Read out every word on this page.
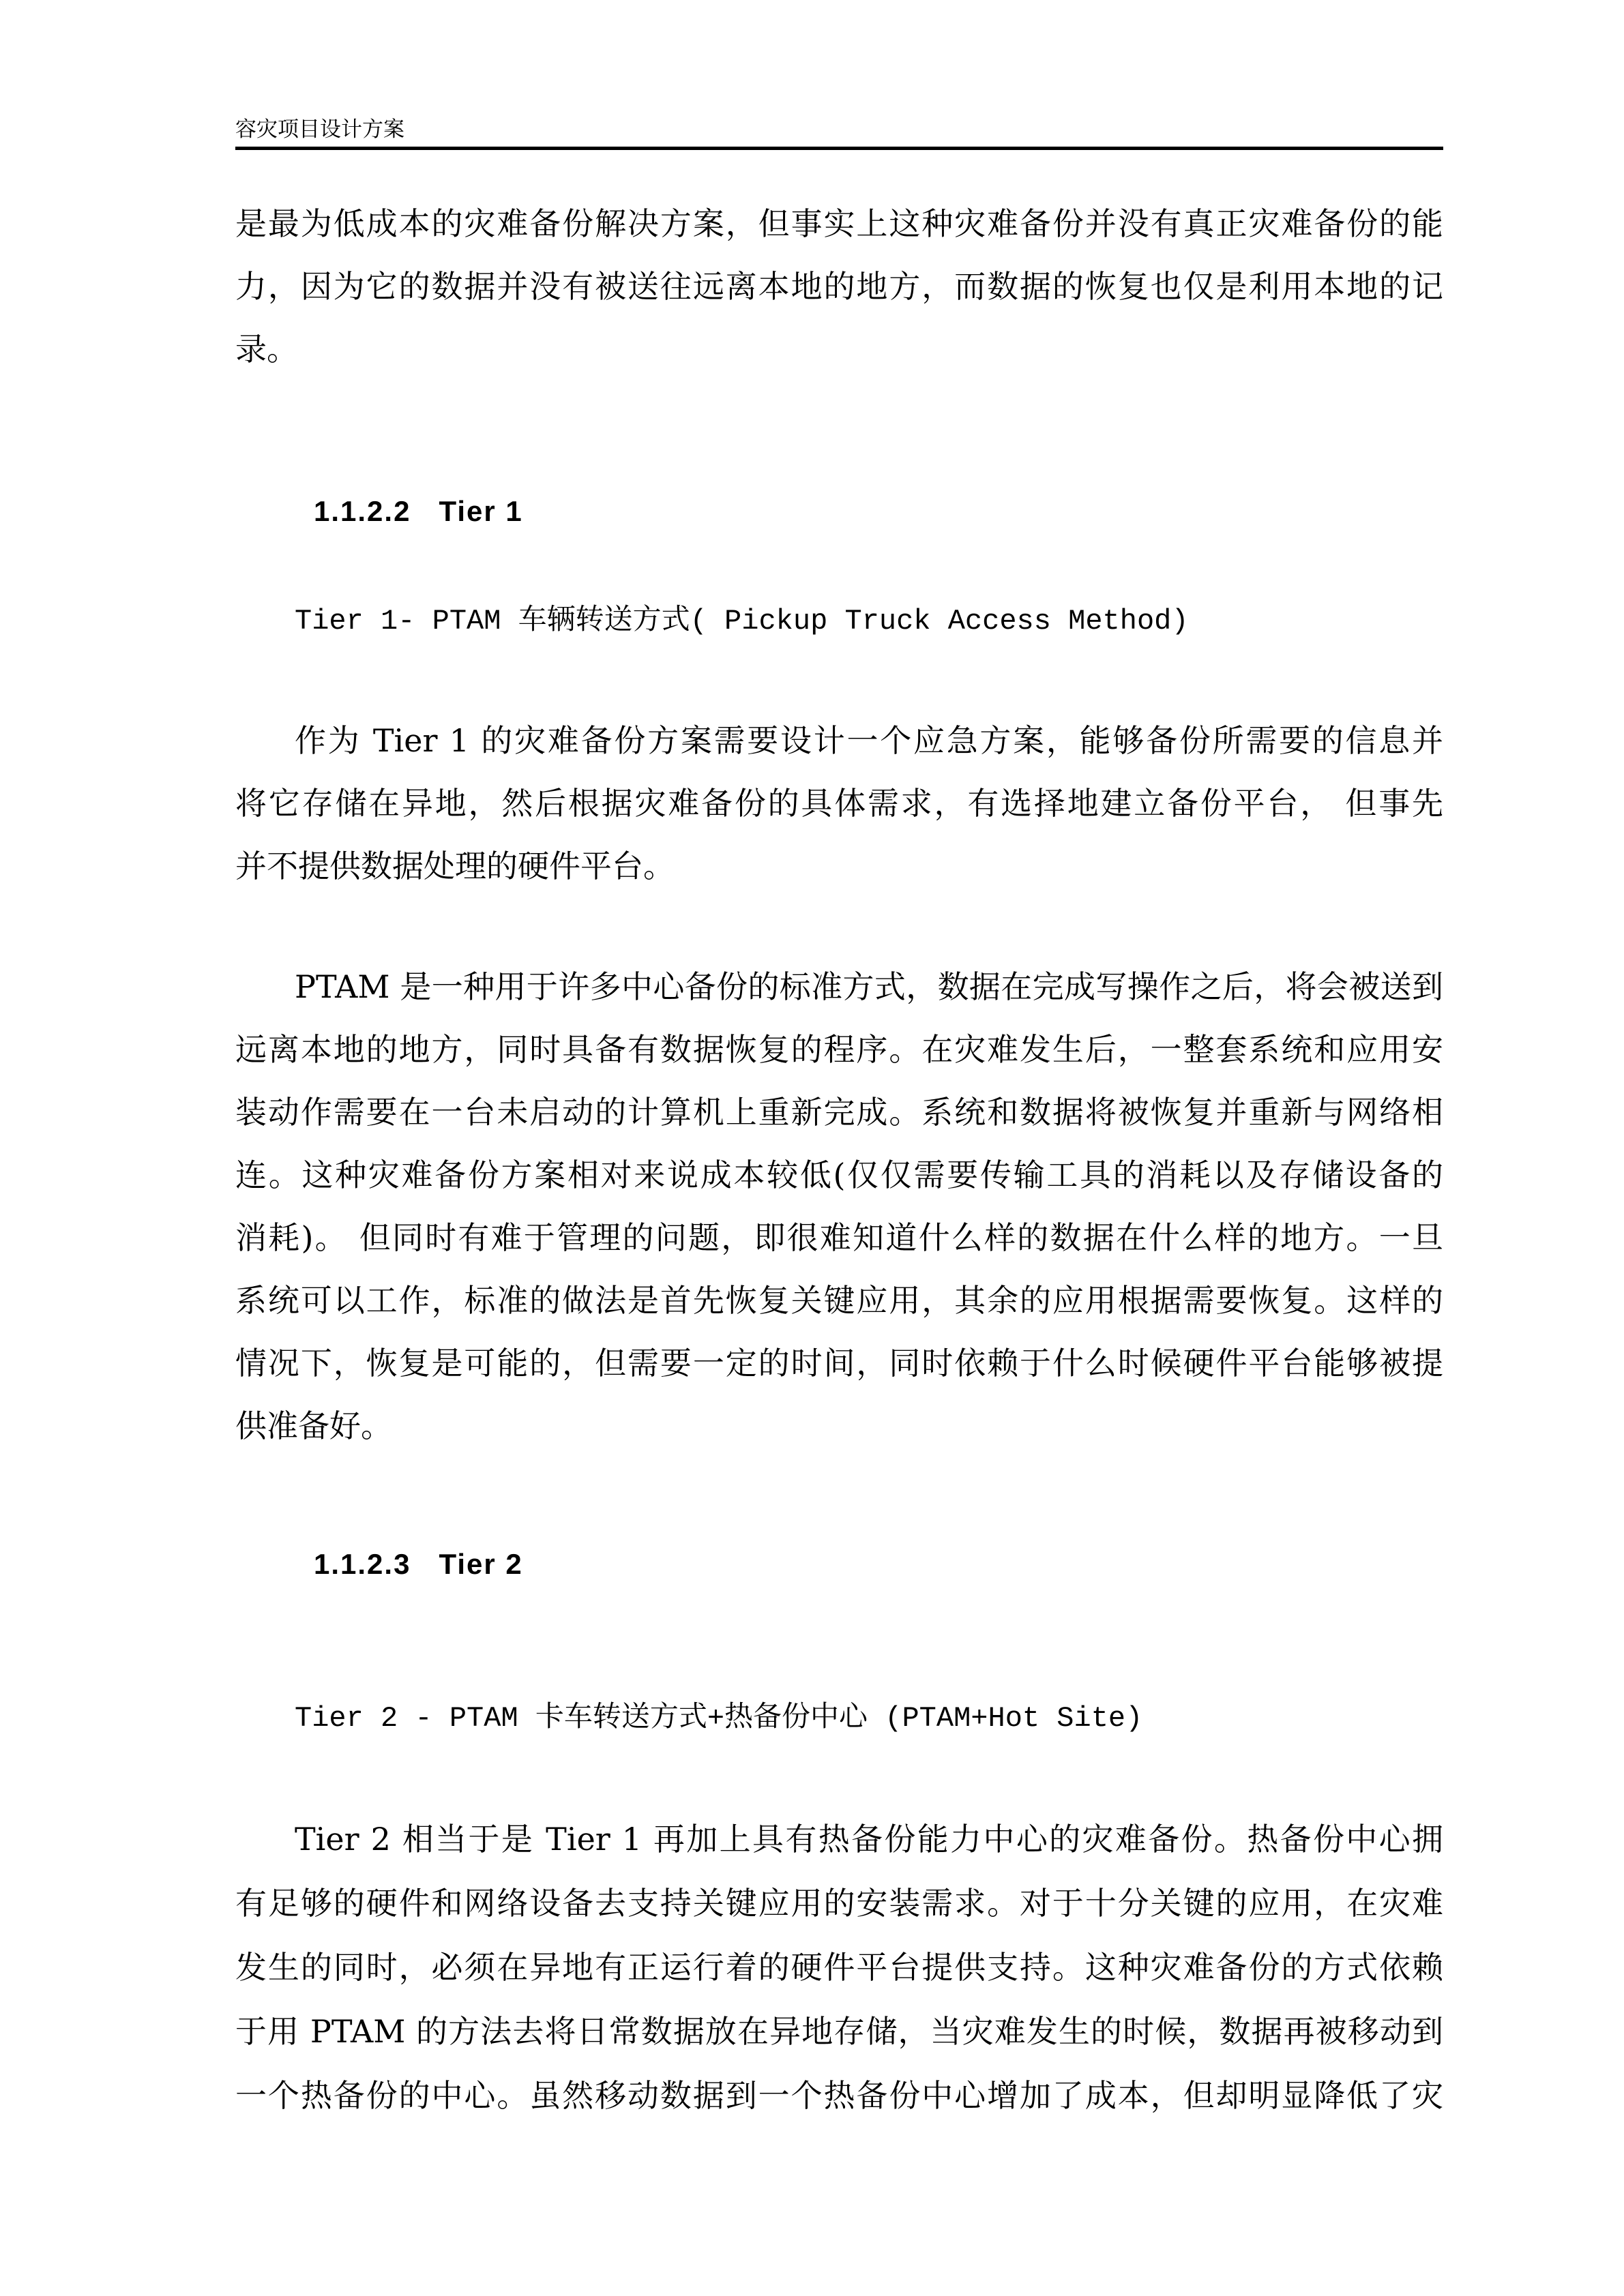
容灾项目设计方案
是最为低成本的灾难备份解决方案，但事实上这种灾难备份并没有真正灾难备份的能
力，因为它的数据并没有被送往远离本地的地方，而数据的恢复也仅是利用本地的记
录。
1.1.2.2   Tier 1
Tier 1- PTAM 车辆转送方式( Pickup Truck Access Method)
作为 Tier 1 的灾难备份方案需要设计一个应急方案，能够备份所需要的信息并
将它存储在异地，然后根据灾难备份的具体需求，有选择地建立备份平台， 但事先
并不提供数据处理的硬件平台。
PTAM 是一种用于许多中心备份的标准方式，数据在完成写操作之后，将会被送到
远离本地的地方，同时具备有数据恢复的程序。在灾难发生后，一整套系统和应用安
装动作需要在一台未启动的计算机上重新完成。系统和数据将被恢复并重新与网络相
连。这种灾难备份方案相对来说成本较低(仅仅需要传输工具的消耗以及存储设备的
消耗)。 但同时有难于管理的问题，即很难知道什么样的数据在什么样的地方。一旦
系统可以工作，标准的做法是首先恢复关键应用，其余的应用根据需要恢复。这样的
情况下，恢复是可能的，但需要一定的时间，同时依赖于什么时候硬件平台能够被提
供准备好。
1.1.2.3   Tier 2
Tier 2 - PTAM 卡车转送方式+热备份中心 (PTAM+Hot Site)
Tier 2 相当于是 Tier 1 再加上具有热备份能力中心的灾难备份。热备份中心拥
有足够的硬件和网络设备去支持关键应用的安装需求。对于十分关键的应用，在灾难
发生的同时，必须在异地有正运行着的硬件平台提供支持。这种灾难备份的方式依赖
于用 PTAM 的方法去将日常数据放在异地存储，当灾难发生的时候，数据再被移动到
一个热备份的中心。虽然移动数据到一个热备份中心增加了成本，但却明显降低了灾
